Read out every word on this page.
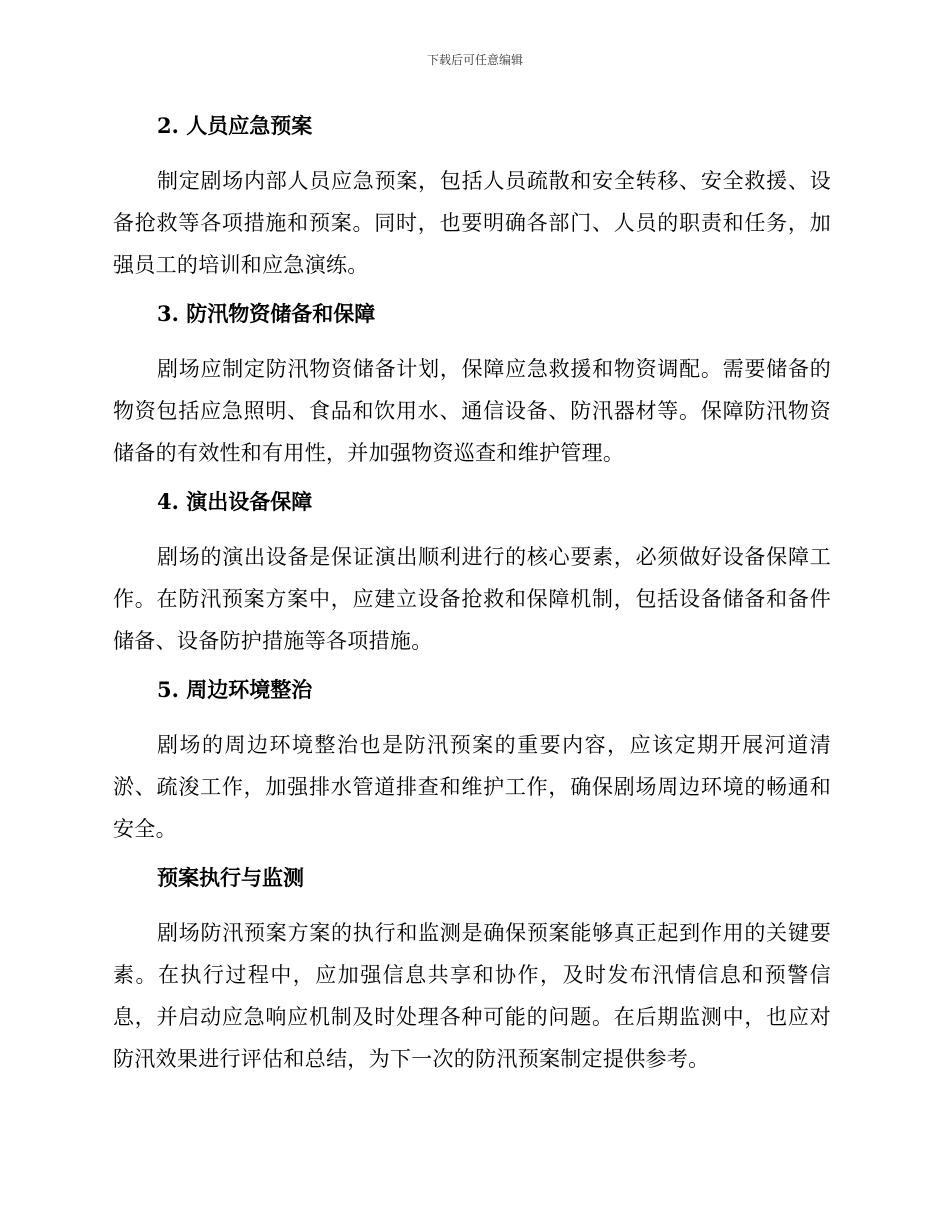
下载后可任意编辑
2. 人员应急预案

制定剧场内部人员应急预案，包括人员疏散和安全转移、安全救援、设备抢救等各项措施和预案。同时，也要明确各部门、人员的职责和任务，加强员工的培训和应急演练。

3. 防汛物资储备和保障

剧场应制定防汛物资储备计划，保障应急救援和物资调配。需要储备的物资包括应急照明、食品和饮用水、通信设备、防汛器材等。保障防汛物资储备的有效性和有用性，并加强物资巡查和维护管理。

4. 演出设备保障

剧场的演出设备是保证演出顺利进行的核心要素，必须做好设备保障工作。在防汛预案方案中，应建立设备抢救和保障机制，包括设备储备和备件储备、设备防护措施等各项措施。

5. 周边环境整治

剧场的周边环境整治也是防汛预案的重要内容，应该定期开展河道清淤、疏浚工作，加强排水管道排查和维护工作，确保剧场周边环境的畅通和安全。

预案执行与监测

剧场防汛预案方案的执行和监测是确保预案能够真正起到作用的关键要素。在执行过程中，应加强信息共享和协作，及时发布汛情信息和预警信息，并启动应急响应机制及时处理各种可能的问题。在后期监测中，也应对防汛效果进行评估和总结，为下一次的防汛预案制定提供参考。
